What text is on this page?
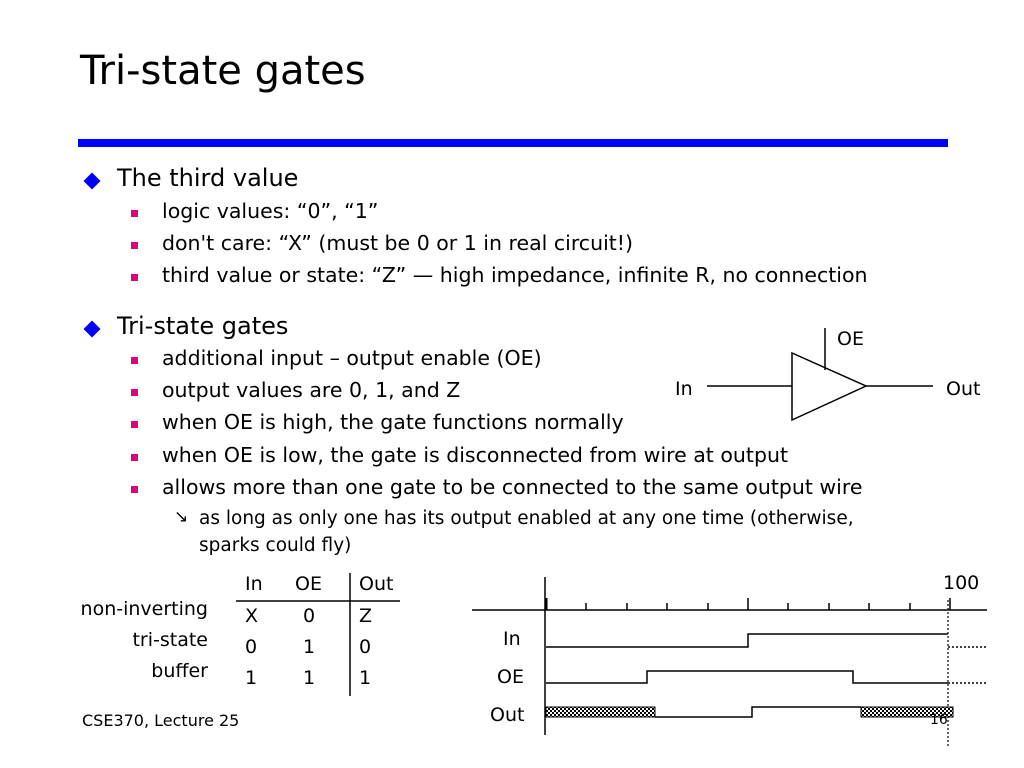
Tri-state gates
The third value
logic values: “0”, “1”
don't care: “X” (must be 0 or 1 in real circuit!)
third value or state: “Z” — high impedance, infinite R, no connection
Tri-state gates
additional input – output enable (OE)
output values are 0, 1, and Z
when OE is high, the gate functions normally
when OE is low, the gate is disconnected from wire at output
allows more than one gate to be connected to the same output wire
↘ as long as only one has its output enabled at any one time (otherwise,
sparks could fly)
OE
In	Out
non-inverting
tri-state
buffer
In OE Out
X 0 Z
0 1 0
1 1 1
100
In
OE
Out
CSE370, Lecture 25	16
